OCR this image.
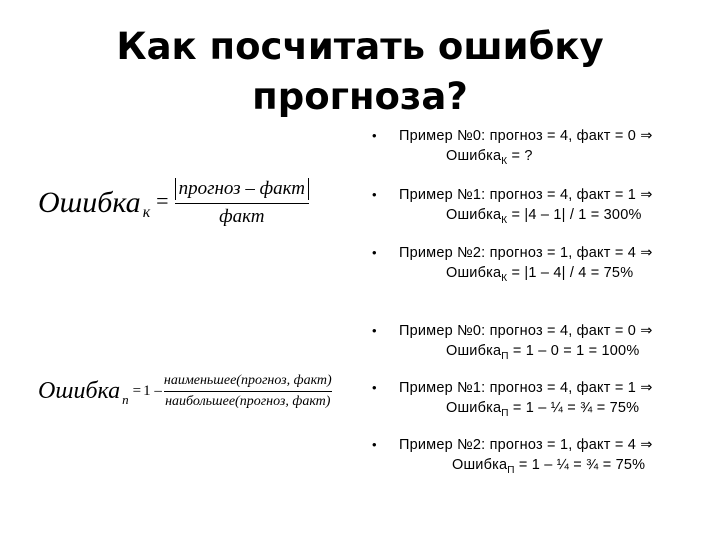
Как посчитать ошибку
прогноза?
Ошибка $к = \frac{\text{прогноз – факт}}{\text{факт}}$
Ошибка $п = 1 - \frac{\text{наименьшее(прогноз, факт)}}{\text{наибольшее(прогноз, факт)}}$
• Пример №0: прогноз = 4, факт = 0 ⇒
Ошибка$_К$ = ?
• Пример №1: прогноз = 4, факт = 1 ⇒
Ошибка$_К$ = |4 – 1| / 1 = 300%
• Пример №2: прогноз = 1, факт = 4 ⇒
Ошибка$_К$ = |1 – 4| / 4 = 75%
• Пример №0: прогноз = 4, факт = 0 ⇒
Ошибка$_П$ = 1 – 0 = 1 = 100%
• Пример №1: прогноз = 4, факт = 1 ⇒
Ошибка$_П$ = 1 – ¼ = ¾ = 75%
• Пример №2: прогноз = 1, факт = 4 ⇒
Ошибка$_П$ = 1 – ¼ = ¾ = 75%
